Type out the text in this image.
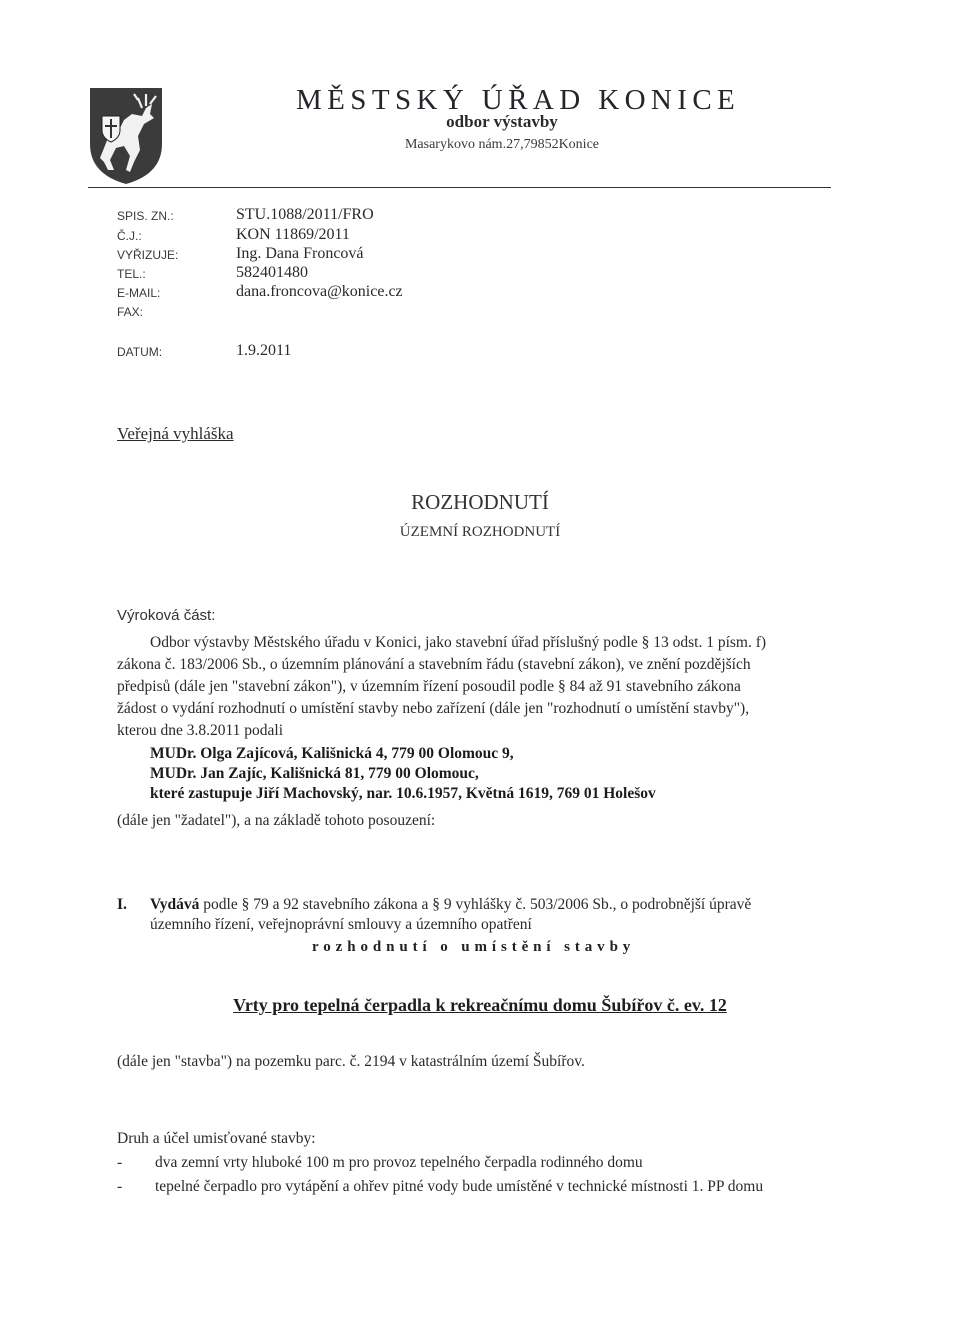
MĚSTSKÝ ÚŘAD KONICE
odbor výstavby
Masarykovo nám.27,79852Konice
SPIS. ZN.:	STU.1088/2011/FRO
Č.J.:	KON 11869/2011
VYŘIZUJE:	Ing. Dana Froncová
TEL.:	582401480
E-MAIL:	dana.froncova@konice.cz
FAX:
DATUM:	1.9.2011
Veřejná vyhláška
ROZHODNUTÍ
ÚZEMNÍ ROZHODNUTÍ
Výroková část:
Odbor výstavby Městského úřadu v Konici, jako stavební úřad příslušný podle § 13 odst. 1 písm. f)
zákona č. 183/2006 Sb., o územním plánování a stavebním řádu (stavební zákon), ve znění pozdějších
předpisů (dále jen "stavební zákon"), v územním řízení posoudil podle § 84 až 91 stavebního zákona
žádost o vydání rozhodnutí o umístění stavby nebo zařízení (dále jen "rozhodnutí o umístění stavby"),
kterou dne 3.8.2011 podali
MUDr. Olga Zajícová, Kališnická 4, 779 00 Olomouc 9,
MUDr. Jan Zajíc, Kališnická 81, 779 00 Olomouc,
které zastupuje Jiří Machovský, nar. 10.6.1957, Květná 1619, 769 01 Holešov
(dále jen "žadatel"), a na základě tohoto posouzení:
I. Vydává podle § 79 a 92 stavebního zákona a § 9 vyhlášky č. 503/2006 Sb., o podrobnější úpravě
územního řízení, veřejnoprávní smlouvy a územního opatření
rozhodnutí o umístění stavby
Vrty pro tepelná čerpadla k rekreačnímu domu Šubířov č. ev. 12
(dále jen "stavba") na pozemku parc. č. 2194 v katastrálním území Šubířov.
Druh a účel umisťované stavby:
- dva zemní vrty hluboké 100 m pro provoz tepelného čerpadla rodinného domu
- tepelné čerpadlo pro vytápění a ohřev pitné vody bude umístěné v technické místnosti 1. PP domu
